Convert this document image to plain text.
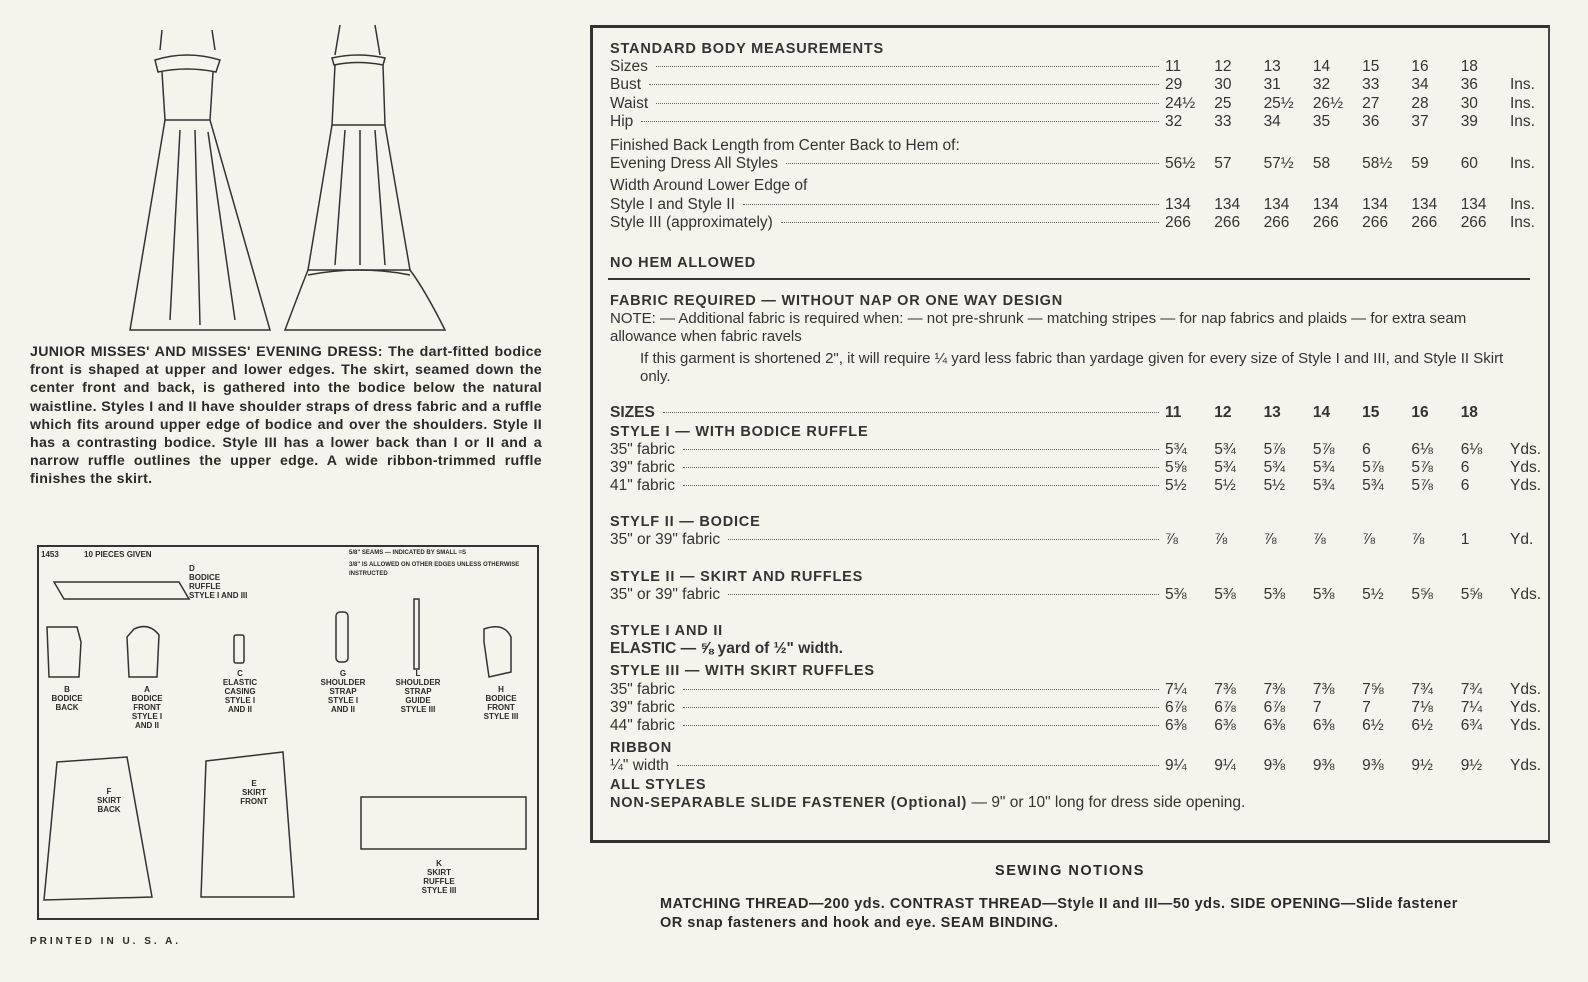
JUNIOR MISSES' AND MISSES' EVENING DRESS: The dart-fitted bodice front is shaped at upper and lower edges. The skirt, seamed down the center front and back, is gathered into the bodice below the natural waistline. Styles I and II have shoulder straps of dress fabric and a ruffle which fits around upper edge of bodice and over the shoulders. Style II has a contrasting bodice. Style III has a lower back than I or II and a narrow ruffle outlines the upper edge. A wide ribbon-trimmed ruffle finishes the skirt.
1453	10 PIECES GIVEN	5/8" SEAMS — INDICATED BY SMALL =S
3/8" IS ALLOWED ON OTHER EDGES UNLESS OTHERWISE INSTRUCTED
D
BODICE RUFFLE
STYLE I AND III
B
BODICE BACK
A
BODICE FRONT
STYLE I AND II
C
ELASTIC CASING
STYLE I AND II
G
SHOULDER STRAP
STYLE I AND II
L
SHOULDER STRAP GUIDE
STYLE III
H
BODICE FRONT
STYLE III
F
SKIRT BACK
E
SKIRT FRONT
K
SKIRT RUFFLE
STYLE III
PRINTED IN U. S. A.
STANDARD BODY MEASUREMENTS
Sizes	11	12	13	14	15	16	18
Bust	29	30	31	32	33	34	36	Ins.
Waist	24½	25	25½	26½	27	28	30	Ins.
Hip	32	33	34	35	36	37	39	Ins.
Finished Back Length from Center Back to Hem of:
Evening Dress All Styles	56½	57	57½	58	58½	59	60	Ins.
Width Around Lower Edge of
Style I and Style II	134	134	134	134	134	134	134	Ins.
Style III (approximately)	266	266	266	266	266	266	266	Ins.
NO HEM ALLOWED
FABRIC REQUIRED — WITHOUT NAP OR ONE WAY DESIGN
NOTE: — Additional fabric is required when: — not pre-shrunk — matching stripes — for nap fabrics and plaids — for extra seam allowance when fabric ravels
If this garment is shortened 2", it will require ¼ yard less fabric than yardage given for every size of Style I and III, and Style II Skirt only.
SIZES	11	12	13	14	15	16	18
STYLE I — WITH BODICE RUFFLE
35" fabric	5¾	5¾	5⅞	5⅞	6	6⅛	6⅛	Yds.
39" fabric	5⅝	5¾	5¾	5¾	5⅞	5⅞	6	Yds.
41" fabric	5½	5½	5½	5¾	5¾	5⅞	6	Yds.
STYLF II — BODICE
35" or 39" fabric	⅞	⅞	⅞	⅞	⅞	⅞	1	Yd.
STYLE II — SKIRT AND RUFFLES
35" or 39" fabric	5⅜	5⅜	5⅜	5⅜	5½	5⅝	5⅝	Yds.
STYLE I AND II
ELASTIC — ⅝ yard of ½" width.
STYLE III — WITH SKIRT RUFFLES
35" fabric	7¼	7⅜	7⅜	7⅜	7⅝	7¾	7¾	Yds.
39" fabric	6⅞	6⅞	6⅞	7	7	7⅛	7¼	Yds.
44" fabric	6⅜	6⅜	6⅜	6⅜	6½	6½	6¾	Yds.
RIBBON
¼" width	9¼	9¼	9⅜	9⅜	9⅜	9½	9½	Yds.
ALL STYLES
NON-SEPARABLE SLIDE FASTENER (Optional) — 9" or 10" long for dress side opening.
SEWING NOTIONS
MATCHING THREAD—200 yds. CONTRAST THREAD—Style II and III—50 yds. SIDE OPENING—Slide fastener OR snap fasteners and hook and eye. SEAM BINDING.
